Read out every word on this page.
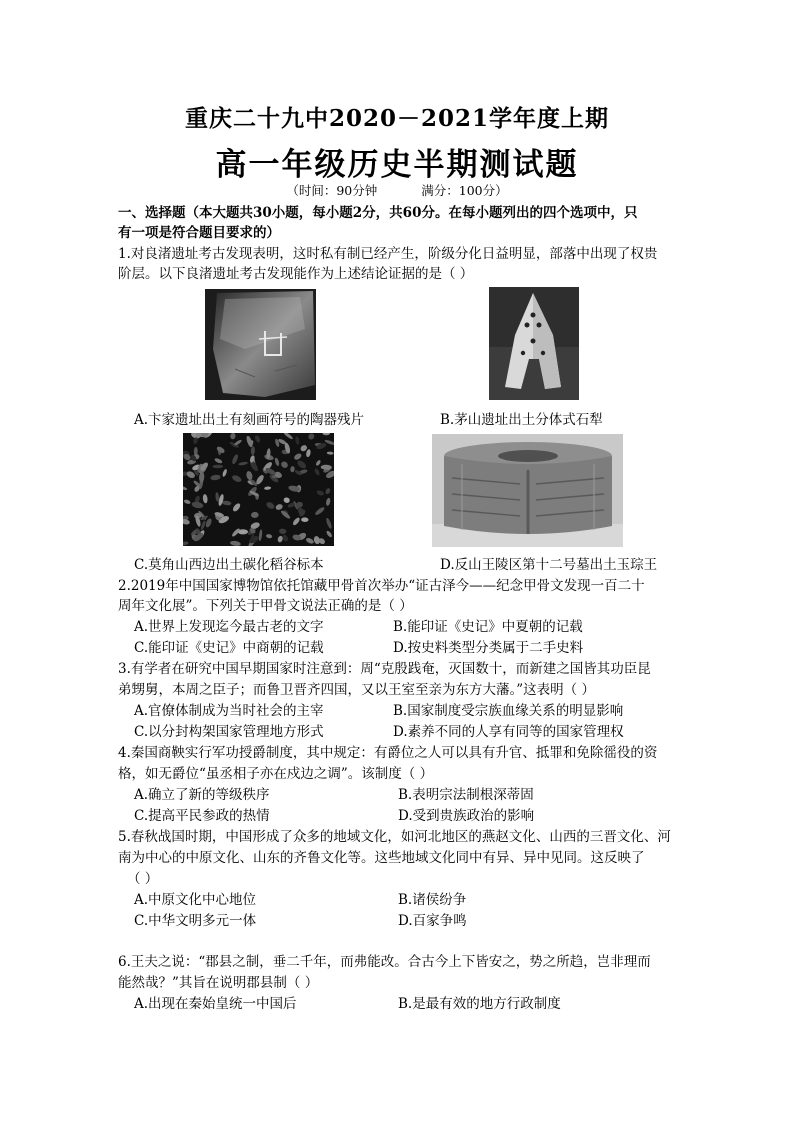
重庆二十九中2020－2021学年度上期
高一年级历史半期测试题
（时间：90分钟	满分：100分）
一、选择题（本大题共30小题，每小题2分，共60分。在每小题列出的四个选项中，只
有一项是符合题目要求的）
1.对良渚遗址考古发现表明，这时私有制已经产生，阶级分化日益明显，部落中出现了权贵
阶层。以下良渚遗址考古发现能作为上述结论证据的是（ ）
A.卞家遗址出土有刻画符号的陶器残片	B.茅山遗址出土分体式石犁
C.莫角山西边出土碳化稻谷标本	D.反山王陵区第十二号墓出土玉琮王
2.2019年中国国家博物馆依托馆藏甲骨首次举办“证古泽今——纪念甲骨文发现一百二十
周年文化展”。下列关于甲骨文说法正确的是（ ）
A.世界上发现迄今最古老的文字	B.能印证《史记》中夏朝的记载
C.能印证《史记》中商朝的记载	D.按史料类型分类属于二手史料
3.有学者在研究中国早期国家时注意到：周“克殷践奄，灭国数十，而新建之国皆其功臣昆
弟甥舅，本周之臣子；而鲁卫晋齐四国，又以王室至亲为东方大藩。”这表明（ ）
A.官僚体制成为当时社会的主宰	B.国家制度受宗族血缘关系的明显影响
C.以分封构架国家管理地方形式	D.素养不同的人享有同等的国家管理权
4.秦国商鞅实行军功授爵制度，其中规定：有爵位之人可以具有升官、抵罪和免除徭役的资
格，如无爵位“虽丞相子亦在戍边之调”。该制度（ ）
A.确立了新的等级秩序	B.表明宗法制根深蒂固
C.提高平民参政的热情	D.受到贵族政治的影响
5.春秋战国时期，中国形成了众多的地域文化，如河北地区的燕赵文化、山西的三晋文化、河
南为中心的中原文化、山东的齐鲁文化等。这些地域文化同中有异、异中见同。这反映了
（ ）
A.中原文化中心地位	B.诸侯纷争
C.中华文明多元一体	D.百家争鸣
6.王夫之说：“郡县之制，垂二千年，而弗能改。合古今上下皆安之，势之所趋，岂非理而
能然哉？”其旨在说明郡县制（ ）
A.出现在秦始皇统一中国后	B.是最有效的地方行政制度
